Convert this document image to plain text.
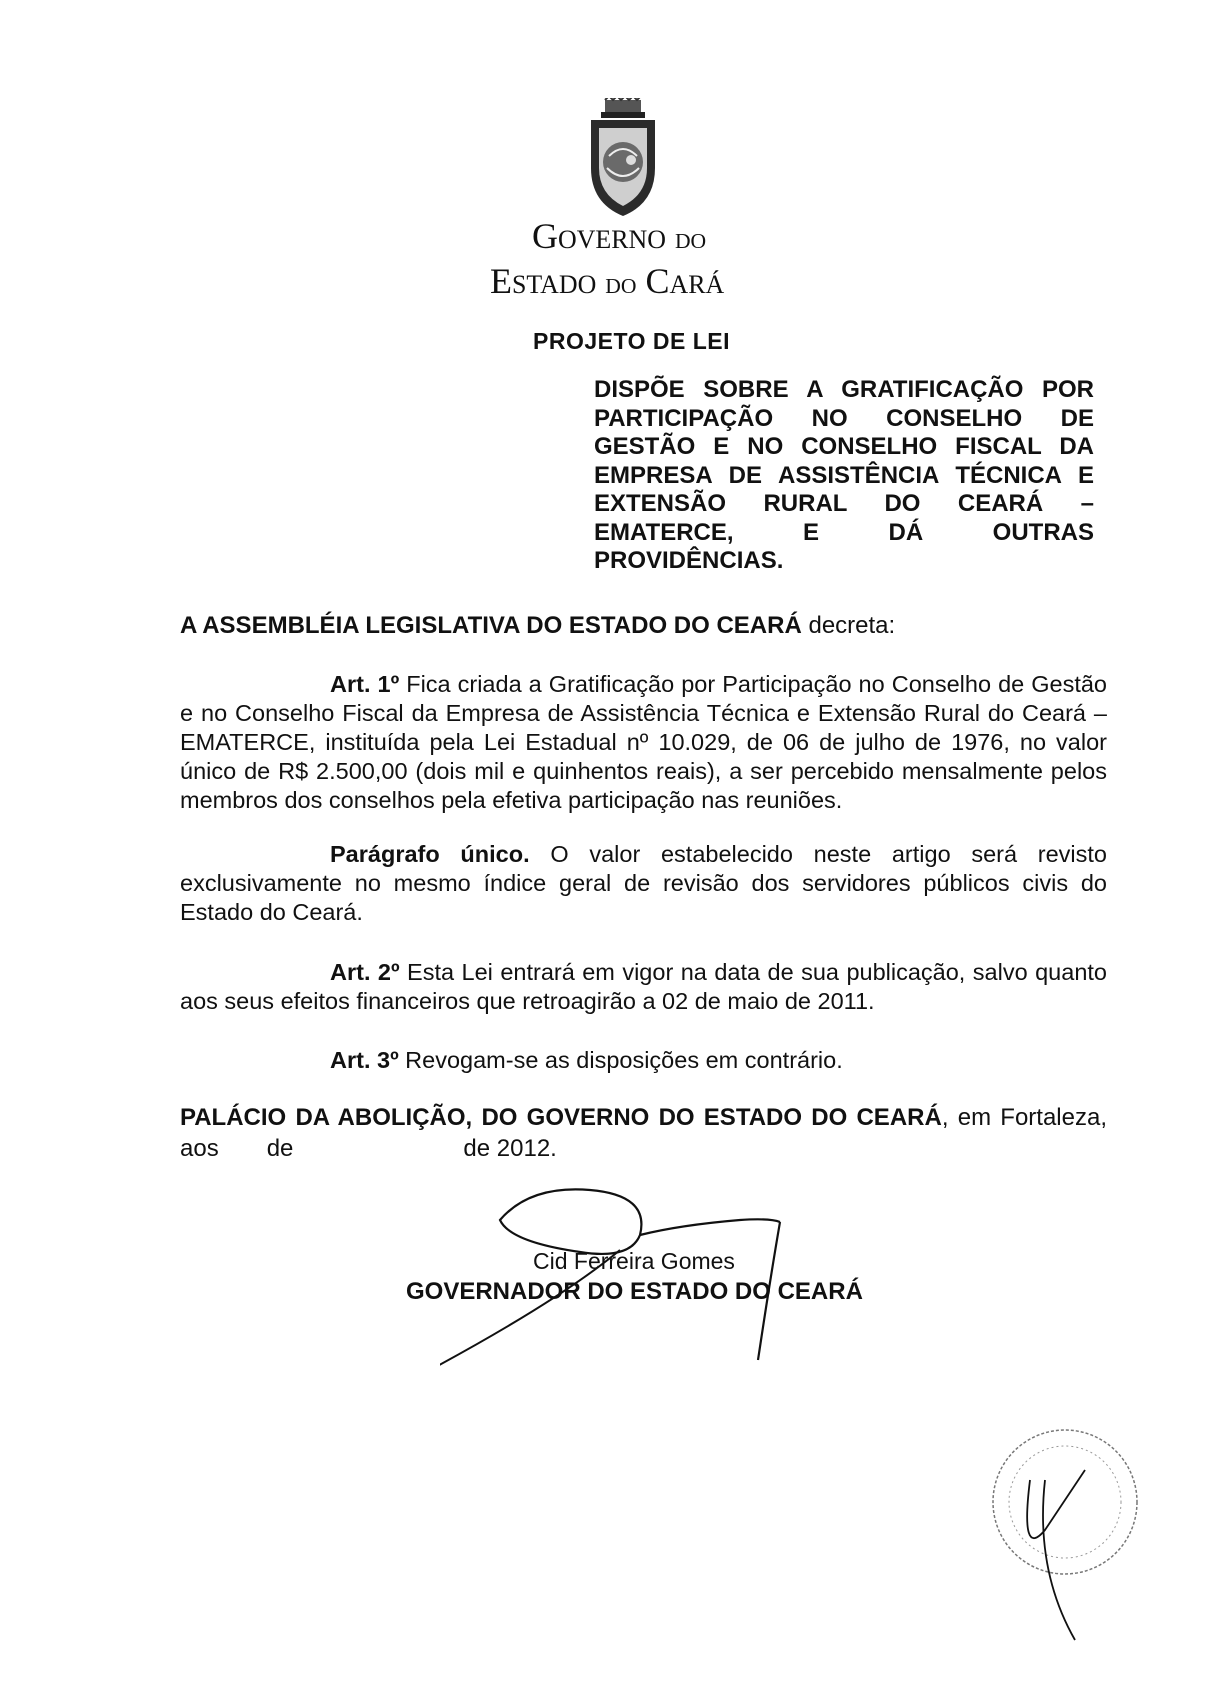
GOVERNO DO
ESTADO DO CARÁ
PROJETO DE LEI
DISPÕE SOBRE A GRATIFICAÇÃO POR PARTICIPAÇÃO NO CONSELHO DE GESTÃO E NO CONSELHO FISCAL DA EMPRESA DE ASSISTÊNCIA TÉCNICA E EXTENSÃO RURAL DO CEARÁ – EMATERCE, E DÁ OUTRAS PROVIDÊNCIAS.
A ASSEMBLÉIA LEGISLATIVA DO ESTADO DO CEARÁ decreta:
Art. 1º Fica criada a Gratificação por Participação no Conselho de Gestão e no Conselho Fiscal da Empresa de Assistência Técnica e Extensão Rural do Ceará – EMATERCE, instituída pela Lei Estadual nº 10.029, de 06 de julho de 1976, no valor único de R$ 2.500,00 (dois mil e quinhentos reais), a ser percebido mensalmente pelos membros dos conselhos pela efetiva participação nas reuniões.
Parágrafo único. O valor estabelecido neste artigo será revisto exclusivamente no mesmo índice geral de revisão dos servidores públicos civis do Estado do Ceará.
Art. 2º Esta Lei entrará em vigor na data de sua publicação, salvo quanto aos seus efeitos financeiros que retroagirão a 02 de maio de 2011.
Art. 3º Revogam-se as disposições em contrário.
PALÁCIO DA ABOLIÇÃO, DO GOVERNO DO ESTADO DO CEARÁ, em Fortaleza, aos de	de 2012.
Cid Ferreira Gomes
GOVERNADOR DO ESTADO DO CEARÁ
